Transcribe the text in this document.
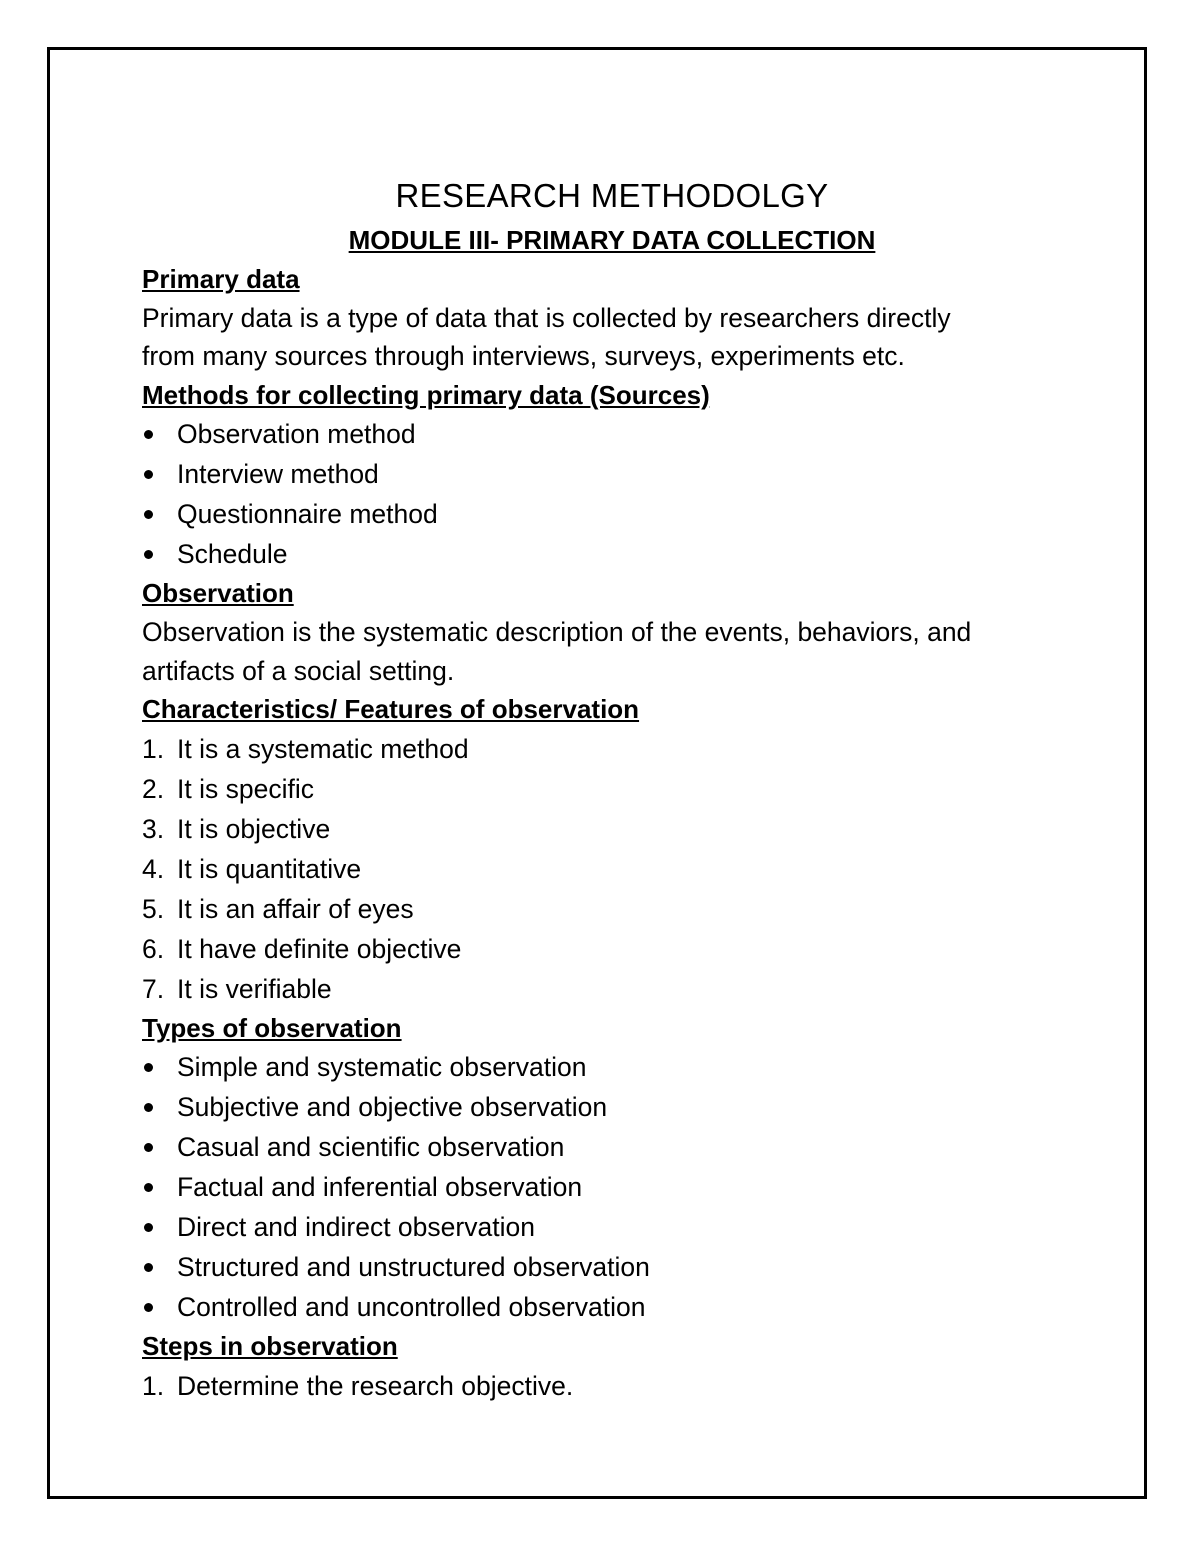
RESEARCH METHODOLGY
MODULE III- PRIMARY DATA COLLECTION
Primary data

Primary data is a type of data that is collected by researchers directly

from many sources through interviews, surveys, experiments etc.

Methods for collecting primary data (Sources)
Observation method
Interview method
Questionnaire method
Schedule
Observation

Observation is the systematic description of the events, behaviors, and

artifacts of a social setting.

Characteristics/ Features of observation
1. It is a systematic method
2. It is specific
3. It is objective
4. It is quantitative
5. It is an affair of eyes
6. It have definite objective
7. It is verifiable
Types of observation
Simple and systematic observation
Subjective and objective observation
Casual and scientific observation
Factual and inferential observation
Direct and indirect observation
Structured and unstructured observation
Controlled and uncontrolled observation
Steps in observation
1. Determine the research objective.
